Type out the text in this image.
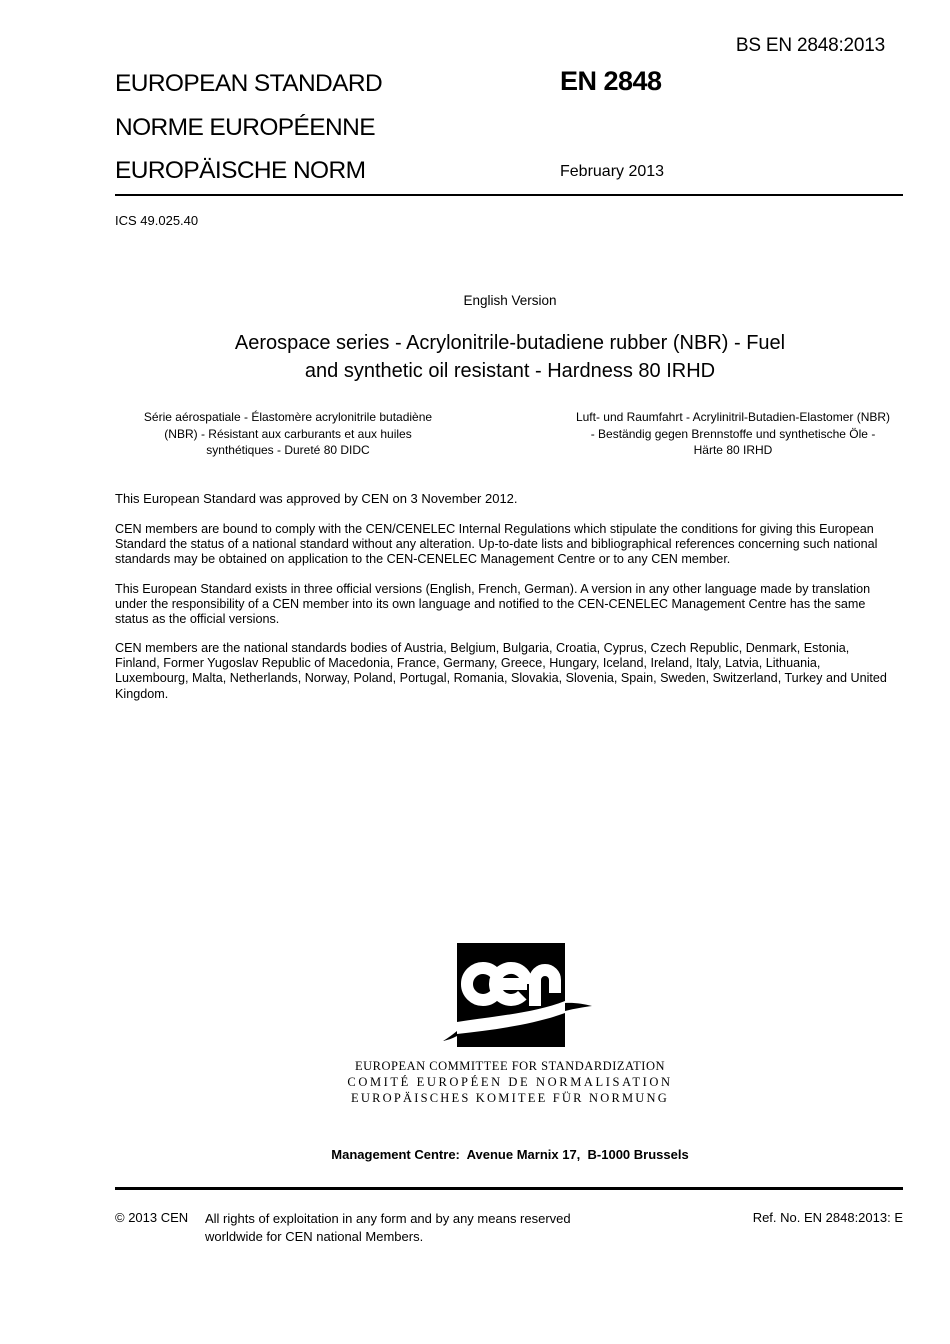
BS EN 2848:2013
EUROPEAN STANDARD
NORME EUROPÉENNE
EUROPÄISCHE NORM
EN 2848
February 2013
ICS 49.025.40
English Version
Aerospace series - Acrylonitrile-butadiene rubber (NBR) - Fuel
and synthetic oil resistant - Hardness 80 IRHD
Série aérospatiale - Élastomère acrylonitrile butadiène
(NBR) - Résistant aux carburants et aux huiles
synthétiques - Dureté 80 DIDC
Luft- und Raumfahrt - Acrylinitril-Butadien-Elastomer (NBR)
- Beständig gegen Brennstoffe und synthetische Öle -
Härte 80 IRHD
This European Standard was approved by CEN on 3 November 2012.
CEN members are bound to comply with the CEN/CENELEC Internal Regulations which stipulate the conditions for giving this European
Standard the status of a national standard without any alteration. Up-to-date lists and bibliographical references concerning such national
standards may be obtained on application to the CEN-CENELEC Management Centre or to any CEN member.
This European Standard exists in three official versions (English, French, German). A version in any other language made by translation
under the responsibility of a CEN member into its own language and notified to the CEN-CENELEC Management Centre has the same
status as the official versions.
CEN members are the national standards bodies of Austria, Belgium, Bulgaria, Croatia, Cyprus, Czech Republic, Denmark, Estonia,
Finland, Former Yugoslav Republic of Macedonia, France, Germany, Greece, Hungary, Iceland, Ireland, Italy, Latvia, Lithuania,
Luxembourg, Malta, Netherlands, Norway, Poland, Portugal, Romania, Slovakia, Slovenia, Spain, Sweden, Switzerland, Turkey and United
Kingdom.
EUROPEAN COMMITTEE FOR STANDARDIZATION
COMITÉ EUROPÉEN DE NORMALISATION
EUROPÄISCHES KOMITEE FÜR NORMUNG
Management Centre:  Avenue Marnix 17,  B-1000 Brussels
© 2013 CEN All rights of exploitation in any form and by any means reserved
worldwide for CEN national Members.
Ref. No. EN 2848:2013: E
